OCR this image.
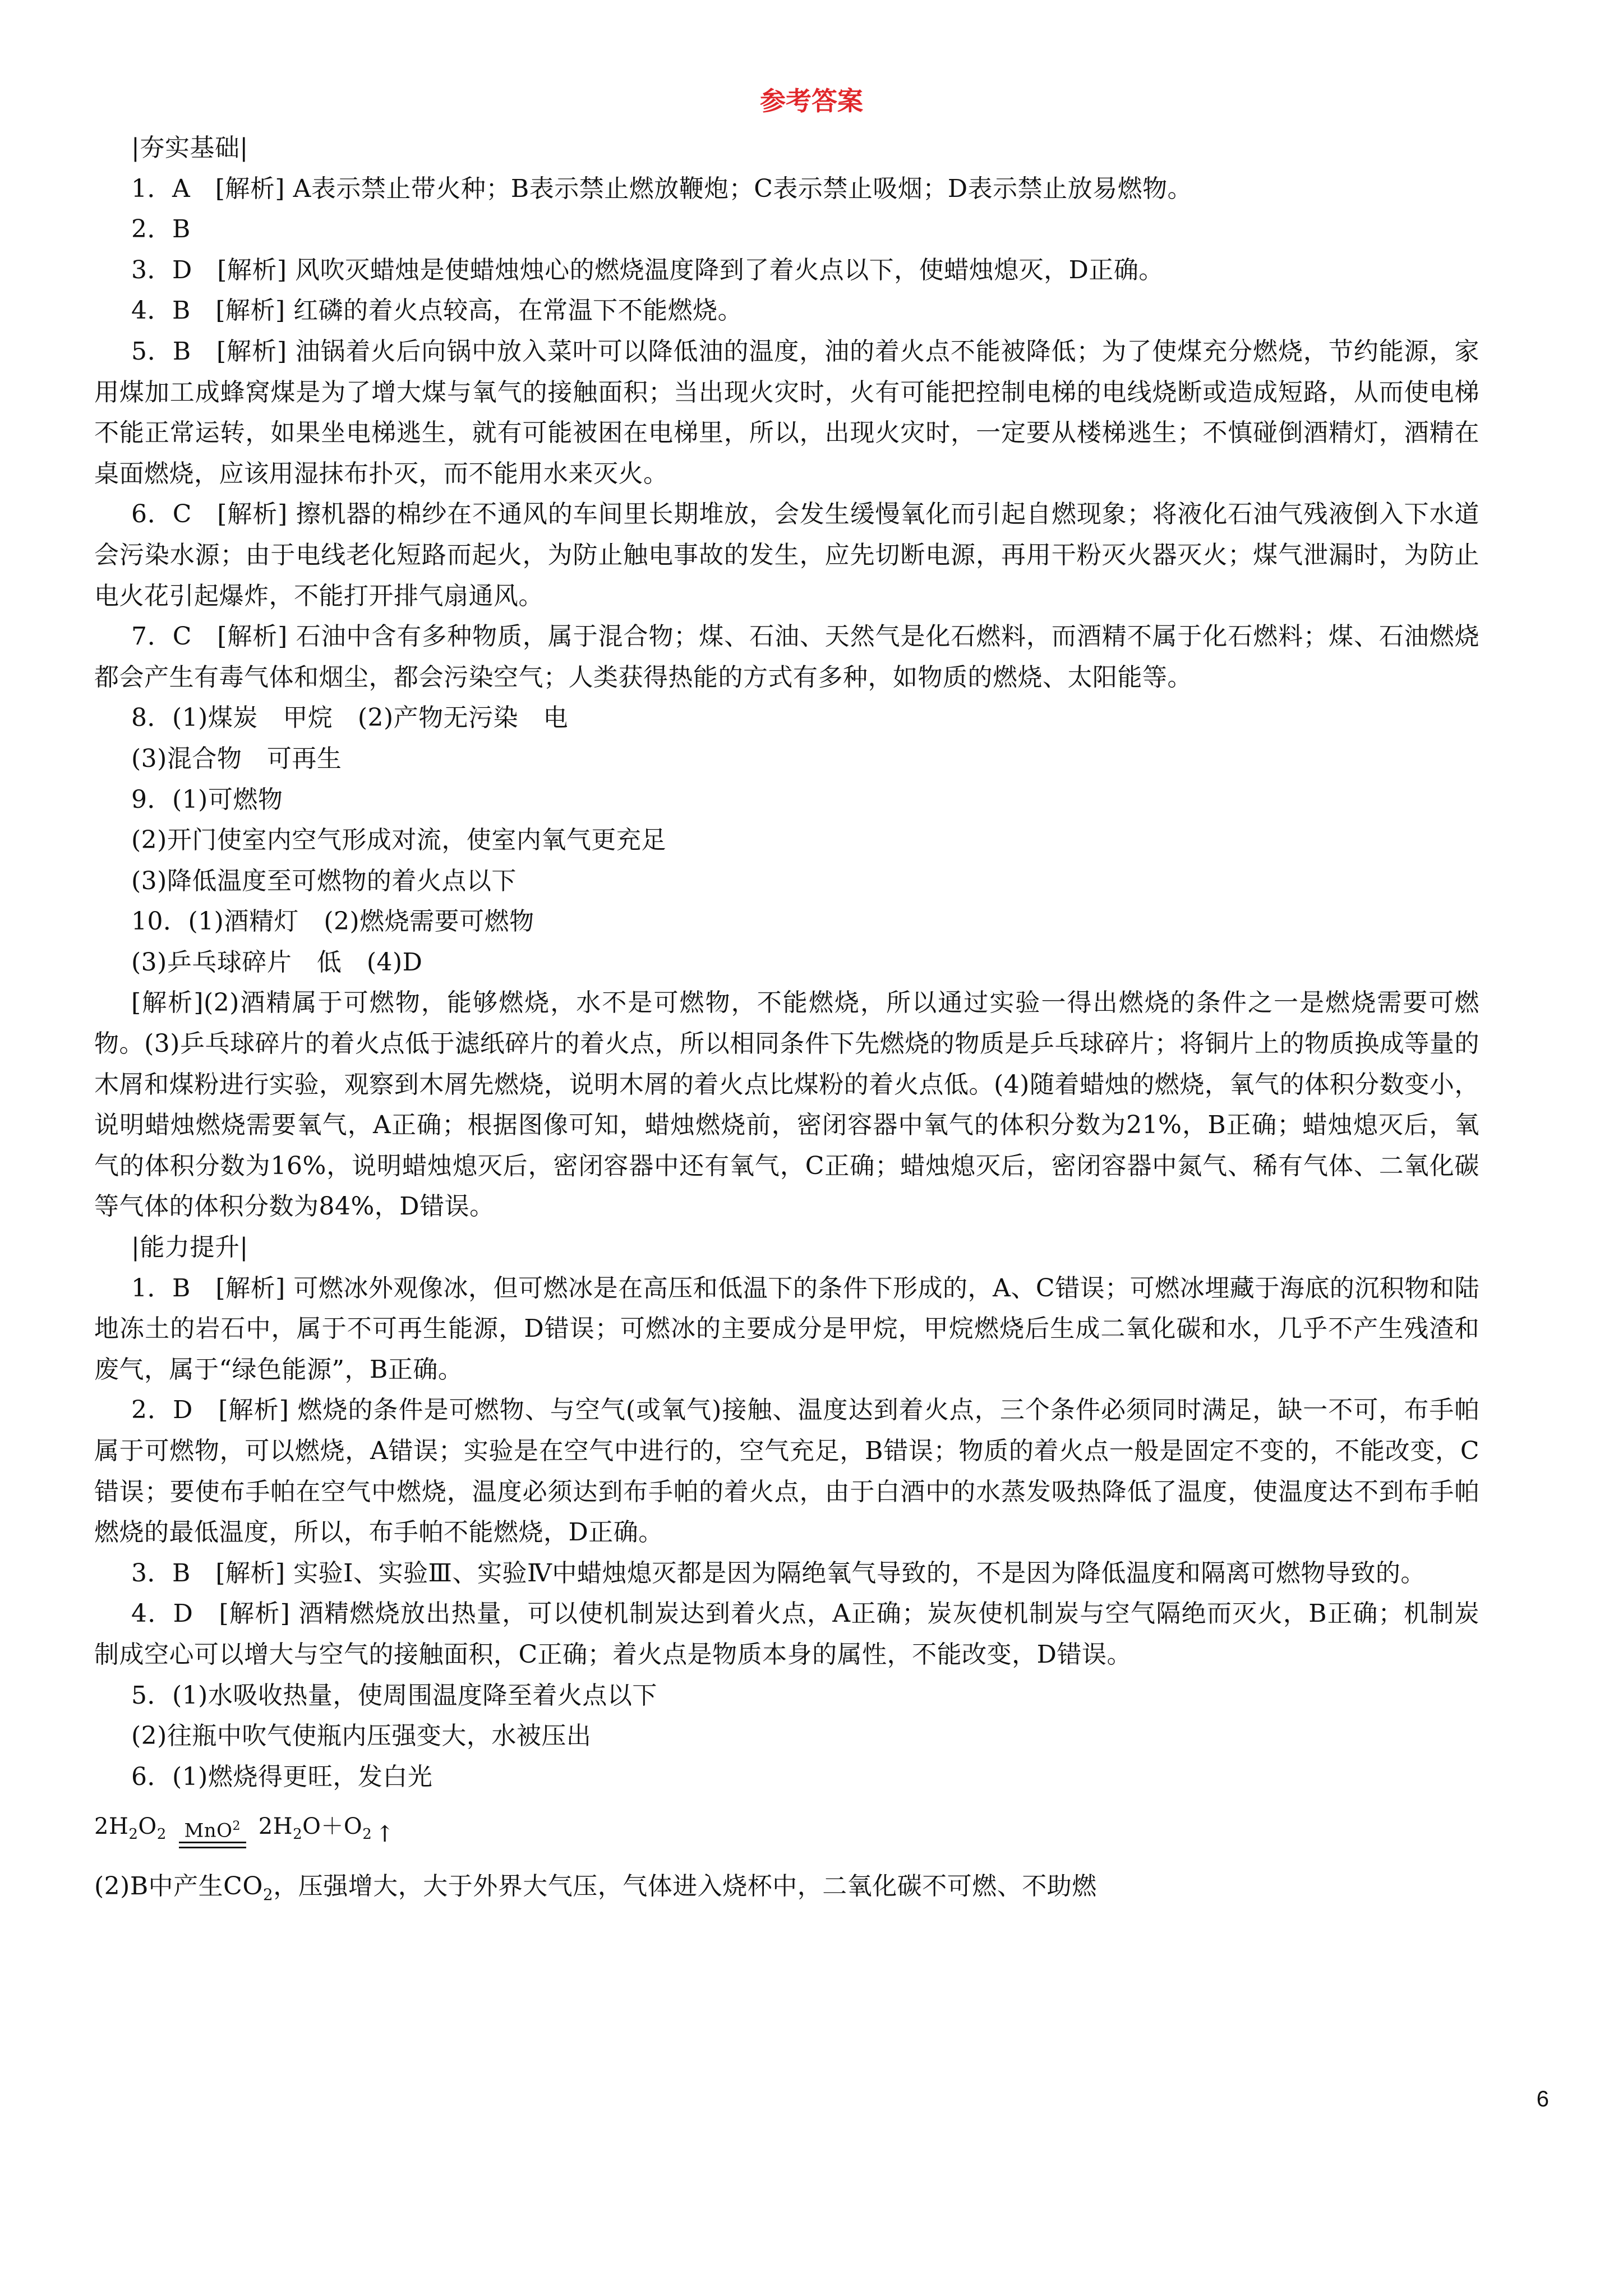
参考答案

|夯实基础|

1．A　[解析] A表示禁止带火种；B表示禁止燃放鞭炮；C表示禁止吸烟；D表示禁止放易燃物。

2．B

3．D　[解析] 风吹灭蜡烛是使蜡烛烛心的燃烧温度降到了着火点以下，使蜡烛熄灭，D正确。

4．B　[解析] 红磷的着火点较高，在常温下不能燃烧。

5．B　[解析] 油锅着火后向锅中放入菜叶可以降低油的温度，油的着火点不能被降低；为了使煤充分燃烧，节约能源，家用煤加工成蜂窝煤是为了增大煤与氧气的接触面积；当出现火灾时，火有可能把控制电梯的电线烧断或造成短路，从而使电梯不能正常运转，如果坐电梯逃生，就有可能被困在电梯里，所以，出现火灾时，一定要从楼梯逃生；不慎碰倒酒精灯，酒精在桌面燃烧，应该用湿抹布扑灭，而不能用水来灭火。

6．C　[解析] 擦机器的棉纱在不通风的车间里长期堆放，会发生缓慢氧化而引起自燃现象；将液化石油气残液倒入下水道会污染水源；由于电线老化短路而起火，为防止触电事故的发生，应先切断电源，再用干粉灭火器灭火；煤气泄漏时，为防止电火花引起爆炸，不能打开排气扇通风。

7．C　[解析] 石油中含有多种物质，属于混合物；煤、石油、天然气是化石燃料，而酒精不属于化石燃料；煤、石油燃烧都会产生有毒气体和烟尘，都会污染空气；人类获得热能的方式有多种，如物质的燃烧、太阳能等。

8．(1)煤炭　甲烷　(2)产物无污染　电

(3)混合物　可再生

9．(1)可燃物

(2)开门使室内空气形成对流，使室内氧气更充足

(3)降低温度至可燃物的着火点以下

10．(1)酒精灯　(2)燃烧需要可燃物

(3)乒乓球碎片　低　(4)D

[解析](2)酒精属于可燃物，能够燃烧，水不是可燃物，不能燃烧，所以通过实验一得出燃烧的条件之一是燃烧需要可燃物。(3)乒乓球碎片的着火点低于滤纸碎片的着火点，所以相同条件下先燃烧的物质是乒乓球碎片；将铜片上的物质换成等量的木屑和煤粉进行实验，观察到木屑先燃烧，说明木屑的着火点比煤粉的着火点低。(4)随着蜡烛的燃烧，氧气的体积分数变小，说明蜡烛燃烧需要氧气，A正确；根据图像可知，蜡烛燃烧前，密闭容器中氧气的体积分数为21%，B正确；蜡烛熄灭后，氧气的体积分数为16%，说明蜡烛熄灭后，密闭容器中还有氧气，C正确；蜡烛熄灭后，密闭容器中氮气、稀有气体、二氧化碳等气体的体积分数为84%，D错误。

|能力提升|

1．B　[解析] 可燃冰外观像冰，但可燃冰是在高压和低温下的条件下形成的，A、C错误；可燃冰埋藏于海底的沉积物和陆地冻土的岩石中，属于不可再生能源，D错误；可燃冰的主要成分是甲烷，甲烷燃烧后生成二氧化碳和水，几乎不产生残渣和废气，属于“绿色能源”，B正确。

2．D　[解析] 燃烧的条件是可燃物、与空气(或氧气)接触、温度达到着火点，三个条件必须同时满足，缺一不可，布手帕属于可燃物，可以燃烧，A错误；实验是在空气中进行的，空气充足，B错误；物质的着火点一般是固定不变的，不能改变，C错误；要使布手帕在空气中燃烧，温度必须达到布手帕的着火点，由于白酒中的水蒸发吸热降低了温度，使温度达不到布手帕燃烧的最低温度，所以，布手帕不能燃烧，D正确。

3．B　[解析] 实验Ⅰ、实验Ⅲ、实验Ⅳ中蜡烛熄灭都是因为隔绝氧气导致的，不是因为降低温度和隔离可燃物导致的。

4．D　[解析] 酒精燃烧放出热量，可以使机制炭达到着火点，A正确；炭灰使机制炭与空气隔绝而灭火，B正确；机制炭制成空心可以增大与空气的接触面积，C正确；着火点是物质本身的属性，不能改变，D错误。

5．(1)水吸收热量，使周围温度降至着火点以下

(2)往瓶中吹气使瓶内压强变大，水被压出

6．(1)燃烧得更旺，发白光

$2H_2O_2$ MnO$^2$ $2H_2O+O_2$ ↑

(2)B中产生$CO_2$，压强增大，大于外界大气压，气体进入烧杯中，二氧化碳不可燃、不助燃

6
